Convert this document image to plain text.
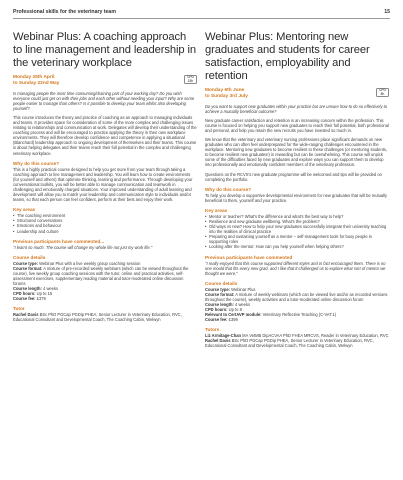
Professional skills for the veterinary team	15
Webinar Plus: A coaching approach to line management and leadership in the veterinary workplace
Monday 25th April
to Sunday 22nd May
CPD
15h

Is managing people the most time consuming/draining part of your working day? Do you wish everyone could just get on with their jobs and each other without needing your input? Why are some people easier to manage than others? Is it possible to develop your team whilst also developing yourself?

This course introduces the theory and practice of coaching as an approach to managing individuals and teams. It provides space for consideration of some of the more complex and challenging issues relating to relationships and communication at work. Delegates will develop their understanding of the coaching process and will be encouraged to practice applying the theory in their own workplace environments. They will therefore develop confidence and competence in applying a situational (Blanchard) leadership approach to ongoing development of themselves and their teams. This course is about helping delegates and their teams reach their full potential in the complex and challenging veterinary workplace.

Why do this course?

This is a highly practical course designed to help you get more from your team through taking a coaching approach to line management and leadership. You will learn how to create environments (for yourself and others) that optimise thinking, learning and performance. Through developing your conversational toolkits, you will be better able to manage communication and teamwork in challenging and emotionally charged situations. Your improved understanding of adult learning and development will allow you to match your leadership and communication style to individuals and/or teams, so that each person can feel confident, perform at their best and enjoy their work.

Key areas
• The coaching environment
• Structured conversations
• Emotions and behaviour
• Leadership and culture
Previous participants have commented...

"I learnt so much. The course will change my whole life not just my work life."

Course details

Course type: Webinar Plus with a live weekly group coaching session

Course format: A mixture of pre-recorded weekly webinars (which can be viewed throughout the course), live weekly group coaching sessions with the tutor, online and practical activities, self-assessment exercises, supplementary reading material and tutor-moderated online discussion forums

Course length: 4 weeks

CPD hours: Up to 15

Course fee: £379

Tutor

Rachel Davis BSc PhD PGCap PGDip PHEA, Senior Lecturer in Veterinary Education, RVC, Educational Consultant and Developmental Coach, The Coaching Cabin, Welwyn

Webinar Plus: Mentoring new graduates and students for career satisfaction, employability and retention
Monday 6th June
to Sunday 3rd July
CPD
8h

Do you want to support new graduates within your practice but are unsure how to do so effectively to achieve a mutually beneficial outcome?

New graduate career satisfaction and retention is an increasing concern within the profession. This course is focused on helping you support new graduates to reach their full potential, both professional and personal, and help you retain the new recruits you have invested so much in.

We know that the veterinary and veterinary nursing professions place significant demands on new graduates who can often feel underprepared for the wide-ranging challenges encountered in the workplace. Mentoring new graduates to become resilient to these challenges (or mentoring students, to become resilient new graduates!) is rewarding but can be overwhelming. This course will unpick some of the difficulties faced by new graduates and explore ways you can support them to develop into professionally and emotionally confident members of the veterinary profession.

Questions on the RCVS's new graduate programme will be welcomed and tips will be provided on completing the portfolio.

Why do this course?

To help you develop a supportive developmental environment for new graduates that will be mutually beneficial to them, yourself and your practice.

Key areas
• Mentor or teacher? What's the difference and what's the best way to help?
• Resilience and new graduate wellbeing. What's the problem?
• Old ways vs new? How to help your new graduates successfully integrate their university teaching into the realities of clinical practice
• Preparing and sustaining yourself as a mentor – self-management tools for busy people in supporting roles
• Looking after the mentor: How can you help yourself when helping others?
Previous participants have commented

"I really enjoyed that this course supported different styles and in fact encouraged them. There is no one mould that fits every new grad, and I like that it challenged us to explore what sort of mentor we thought we were."

Course details

Course type: Webinar Plus

Course format: A mixture of weekly webinars (which can be viewed live and/or as recorded versions throughout the course), weekly activities and a tutor-moderated online discussion forum

Course length: 4 weeks

CPD hours: Up to 8

Relevant to CertAVP module: Veterinary Reflective Teaching (C-VAT.1)

Course fee: £399

Tutors

Liz Armitage-Chan MA VetMB DipACVAA PhD FHEA MRCVS, Reader in Veterinary Education, RVC

Rachel Davis BSc PhD PGCap PGDip PHEA, Senior Lecturer in Veterinary Education, RVC, Educational Consultant and Developmental Coach, The Coaching Cabin, Welwyn
